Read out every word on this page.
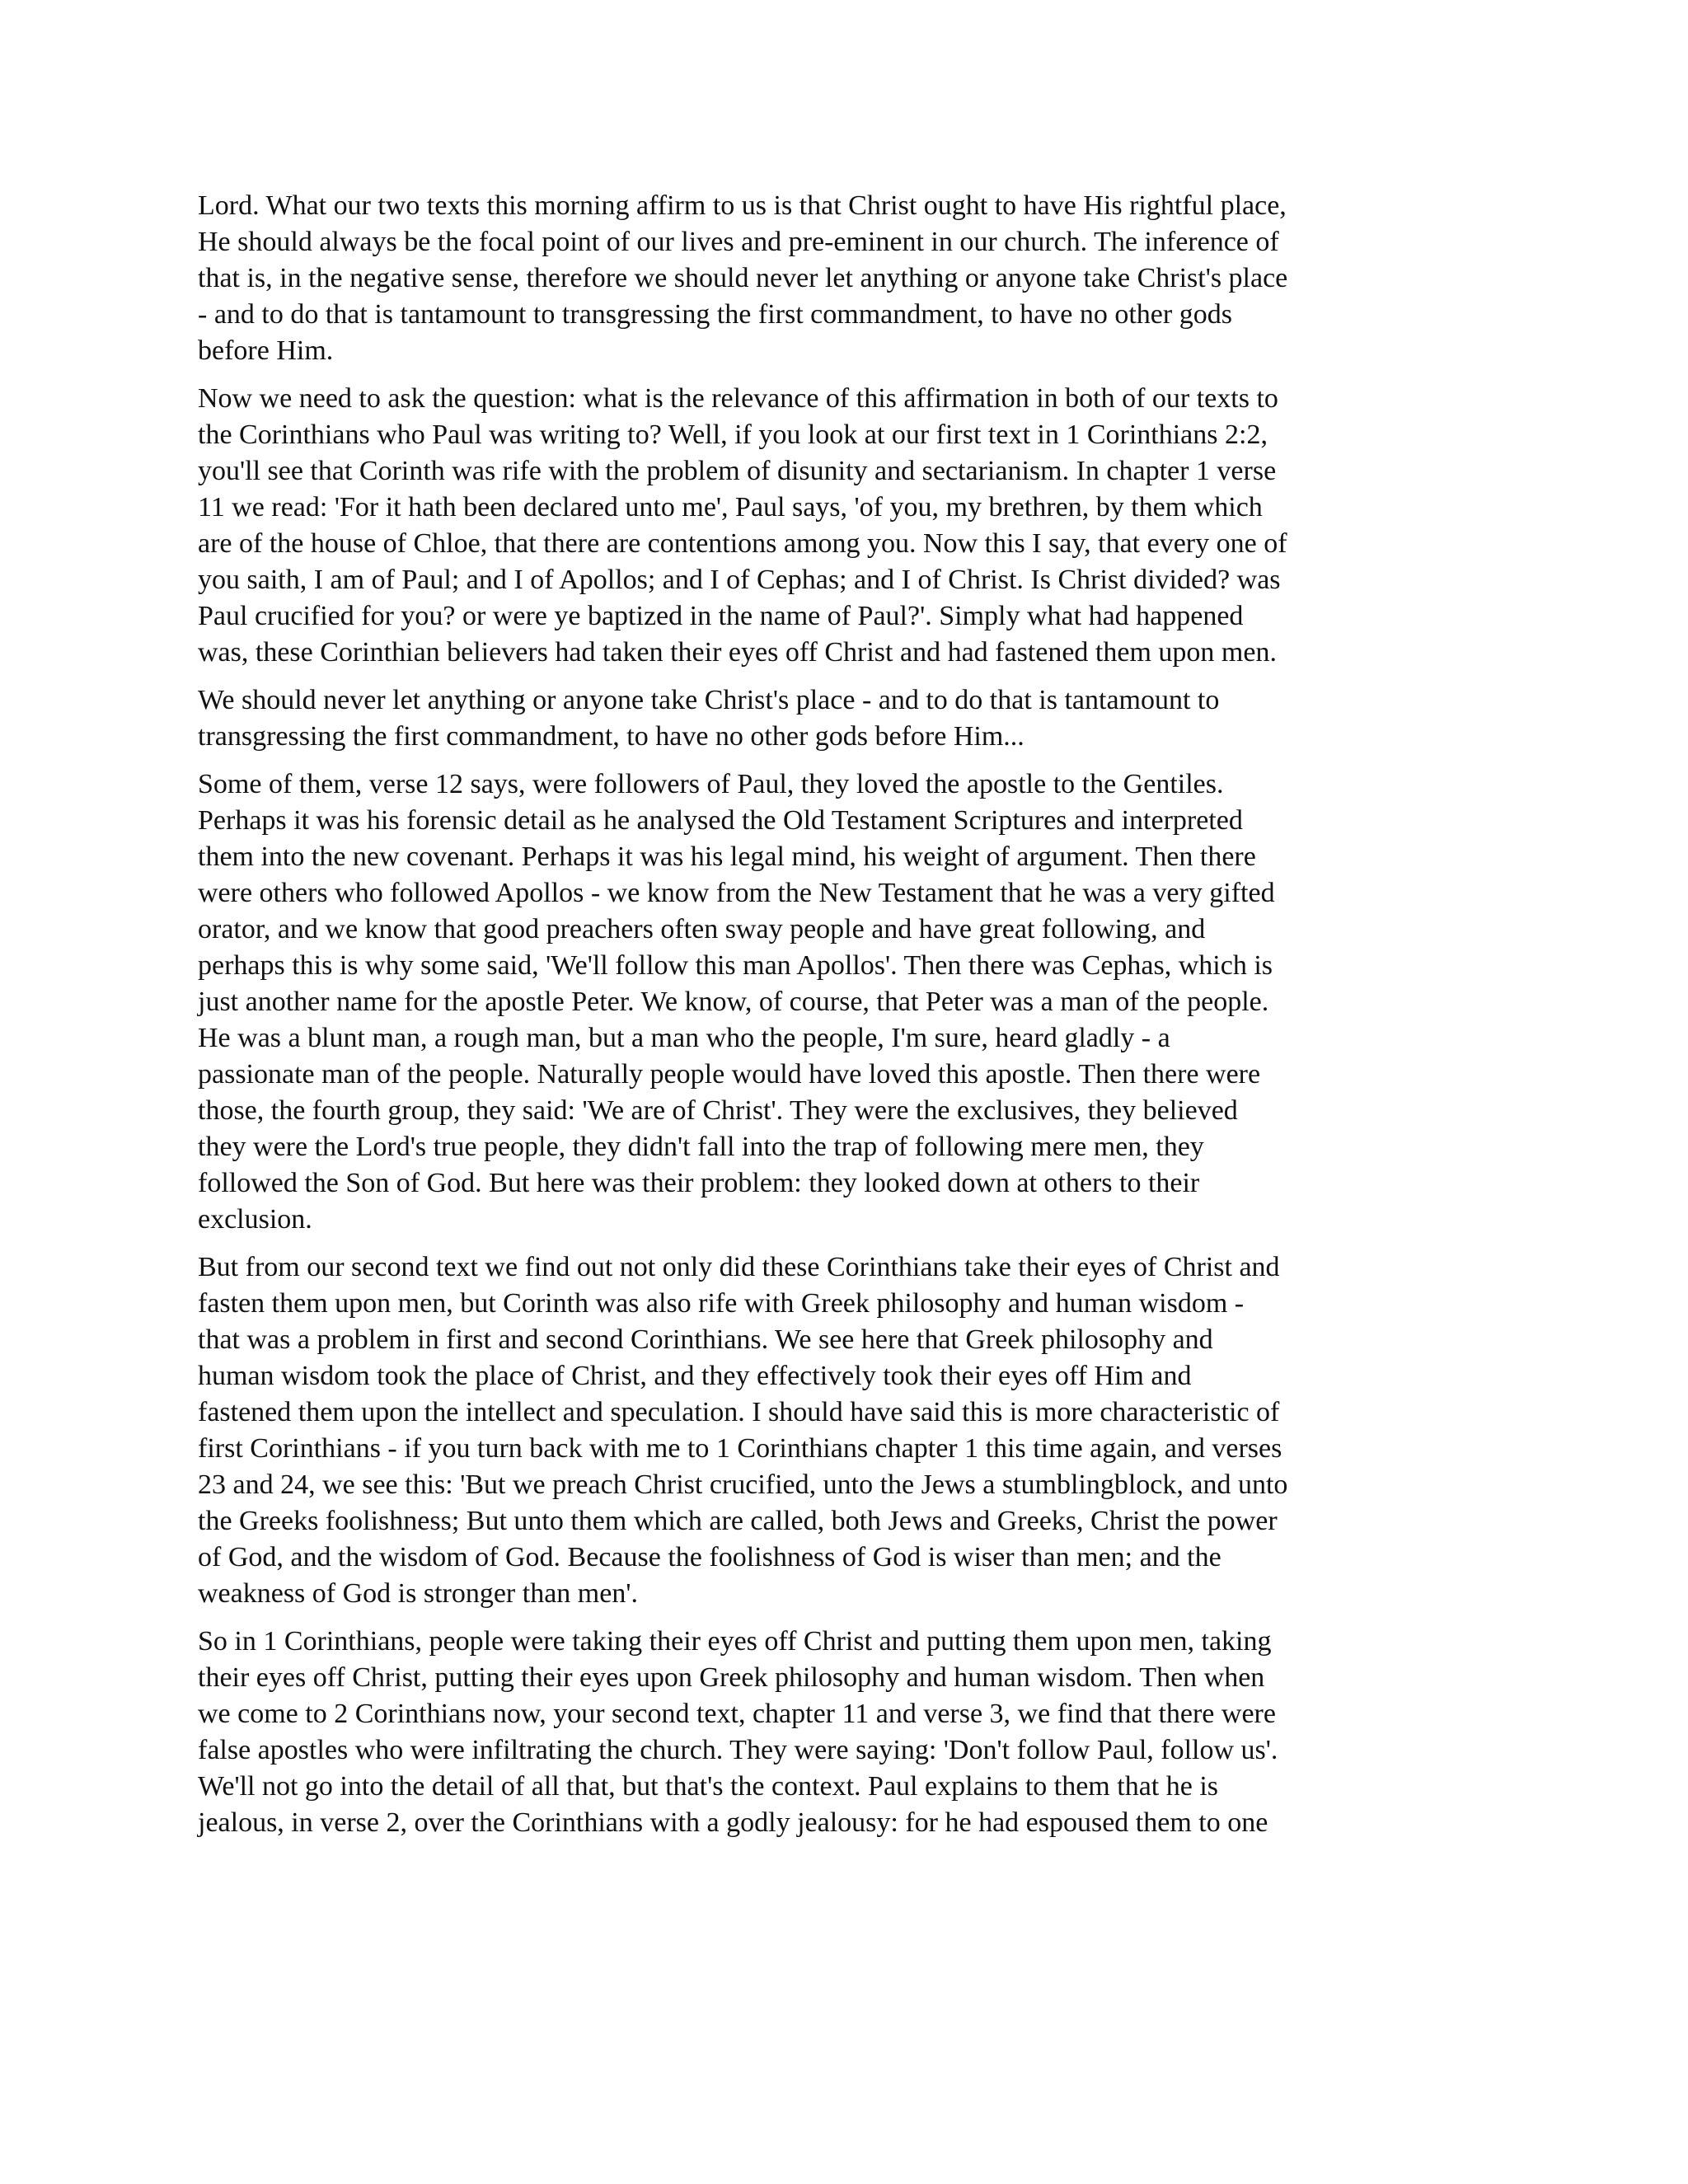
Lord. What our two texts this morning affirm to us is that Christ ought to have His rightful place,
He should always be the focal point of our lives and pre-eminent in our church. The inference of
that is, in the negative sense, therefore we should never let anything or anyone take Christ's place
- and to do that is tantamount to transgressing the first commandment, to have no other gods
before Him.

Now we need to ask the question: what is the relevance of this affirmation in both of our texts to
the Corinthians who Paul was writing to? Well, if you look at our first text in 1 Corinthians 2:2,
you'll see that Corinth was rife with the problem of disunity and sectarianism. In chapter 1 verse
11 we read: 'For it hath been declared unto me', Paul says, 'of you, my brethren, by them which
are of the house of Chloe, that there are contentions among you. Now this I say, that every one of
you saith, I am of Paul; and I of Apollos; and I of Cephas; and I of Christ. Is Christ divided? was
Paul crucified for you? or were ye baptized in the name of Paul?'. Simply what had happened
was, these Corinthian believers had taken their eyes off Christ and had fastened them upon men.

We should never let anything or anyone take Christ's place - and to do that is tantamount to
transgressing the first commandment, to have no other gods before Him...

Some of them, verse 12 says, were followers of Paul, they loved the apostle to the Gentiles.
Perhaps it was his forensic detail as he analysed the Old Testament Scriptures and interpreted
them into the new covenant. Perhaps it was his legal mind, his weight of argument. Then there
were others who followed Apollos - we know from the New Testament that he was a very gifted
orator, and we know that good preachers often sway people and have great following, and
perhaps this is why some said, 'We'll follow this man Apollos'. Then there was Cephas, which is
just another name for the apostle Peter. We know, of course, that Peter was a man of the people.
He was a blunt man, a rough man, but a man who the people, I'm sure, heard gladly - a
passionate man of the people. Naturally people would have loved this apostle. Then there were
those, the fourth group, they said: 'We are of Christ'. They were the exclusives, they believed
they were the Lord's true people, they didn't fall into the trap of following mere men, they
followed the Son of God. But here was their problem: they looked down at others to their
exclusion.

But from our second text we find out not only did these Corinthians take their eyes of Christ and
fasten them upon men, but Corinth was also rife with Greek philosophy and human wisdom -
that was a problem in first and second Corinthians. We see here that Greek philosophy and
human wisdom took the place of Christ, and they effectively took their eyes off Him and
fastened them upon the intellect and speculation. I should have said this is more characteristic of
first Corinthians - if you turn back with me to 1 Corinthians chapter 1 this time again, and verses
23 and 24, we see this: 'But we preach Christ crucified, unto the Jews a stumblingblock, and unto
the Greeks foolishness; But unto them which are called, both Jews and Greeks, Christ the power
of God, and the wisdom of God. Because the foolishness of God is wiser than men; and the
weakness of God is stronger than men'.

So in 1 Corinthians, people were taking their eyes off Christ and putting them upon men, taking
their eyes off Christ, putting their eyes upon Greek philosophy and human wisdom. Then when
we come to 2 Corinthians now, your second text, chapter 11 and verse 3, we find that there were
false apostles who were infiltrating the church. They were saying: 'Don't follow Paul, follow us'.
We'll not go into the detail of all that, but that's the context. Paul explains to them that he is
jealous, in verse 2, over the Corinthians with a godly jealousy: for he had espoused them to one
